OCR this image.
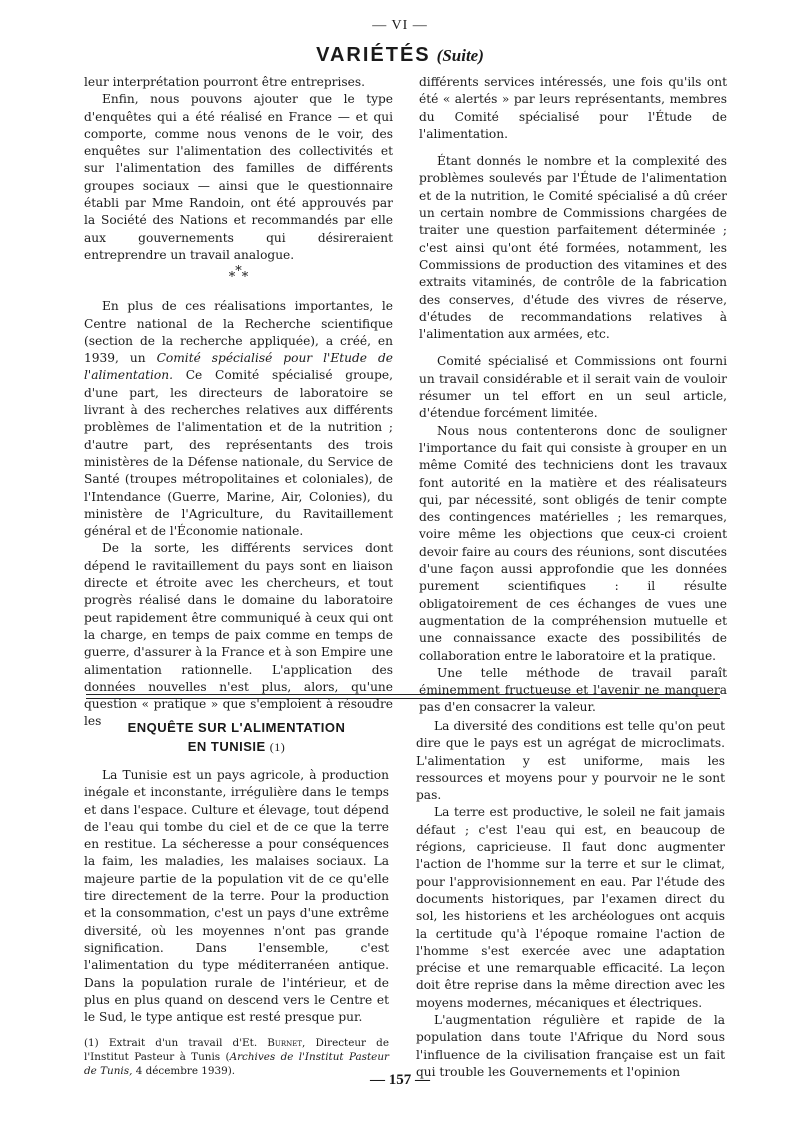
— VI —
VARIÉTÉS (Suite)

leur interprétation pourront être entreprises.

Enfin, nous pouvons ajouter que le type d'enquêtes qui a été réalisé en France — et qui comporte, comme nous venons de le voir, des enquêtes sur l'alimentation des collectivités et sur l'alimentation des familles de différents groupes sociaux — ainsi que le questionnaire établi par Mme Randoin, ont été approuvés par la Société des Nations et recommandés par elle aux gouvernements qui désireraient entreprendre un travail analogue.

***

En plus de ces réalisations importantes, le Centre national de la Recherche scientifique (section de la recherche appliquée), a créé, en 1939, un Comité spécialisé pour l'Etude de l'alimentation. Ce Comité spécialisé groupe, d'une part, les directeurs de laboratoire se livrant à des recherches relatives aux différents problèmes de l'alimentation et de la nutrition ; d'autre part, des représentants des trois ministères de la Défense nationale, du Service de Santé (troupes métropolitaines et coloniales), de l'Intendance (Guerre, Marine, Air, Colonies), du ministère de l'Agriculture, du Ravitaillement général et de l'Économie nationale.

De la sorte, les différents services dont dépend le ravitaillement du pays sont en liaison directe et étroite avec les chercheurs, et tout progrès réalisé dans le domaine du laboratoire peut rapidement être communiqué à ceux qui ont la charge, en temps de paix comme en temps de guerre, d'assurer à la France et à son Empire une alimentation rationnelle. L'application des données nouvelles n'est plus, alors, qu'une question « pratique » que s'emploient à résoudre les

différents services intéressés, une fois qu'ils ont été « alertés » par leurs représentants, membres du Comité spécialisé pour l'Étude de l'alimentation.

Étant donnés le nombre et la complexité des problèmes soulevés par l'Étude de l'alimentation et de la nutrition, le Comité spécialisé a dû créer un certain nombre de Commissions chargées de traiter une question parfaitement déterminée ; c'est ainsi qu'ont été formées, notamment, les Commissions de production des vitamines et des extraits vitaminés, de contrôle de la fabrication des conserves, d'étude des vivres de réserve, d'études de recommandations relatives à l'alimentation aux armées, etc.

Comité spécialisé et Commissions ont fourni un travail considérable et il serait vain de vouloir résumer un tel effort en un seul article, d'étendue forcément limitée.

Nous nous contenterons donc de souligner l'importance du fait qui consiste à grouper en un même Comité des techniciens dont les travaux font autorité en la matière et des réalisateurs qui, par nécessité, sont obligés de tenir compte des contingences matérielles ; les remarques, voire même les objections que ceux-ci croient devoir faire au cours des réunions, sont discutées d'une façon aussi approfondie que les données purement scientifiques : il résulte obligatoirement de ces échanges de vues une augmentation de la compréhension mutuelle et une connaissance exacte des possibilités de collaboration entre le laboratoire et la pratique.

Une telle méthode de travail paraît éminemment fructueuse et l'avenir ne manquera pas d'en consacrer la valeur.

ENQUÊTE SUR L'ALIMENTATION
EN TUNISIE (1)

La Tunisie est un pays agricole, à production inégale et inconstante, irrégulière dans le temps et dans l'espace. Culture et élevage, tout dépend de l'eau qui tombe du ciel et de ce que la terre en restitue. La sécheresse a pour conséquences la faim, les maladies, les malaises sociaux. La majeure partie de la population vit de ce qu'elle tire directement de la terre. Pour la production et la consommation, c'est un pays d'une extrême diversité, où les moyennes n'ont pas grande signification. Dans l'ensemble, c'est l'alimentation du type méditerranéen antique. Dans la population rurale de l'intérieur, et de plus en plus quand on descend vers le Centre et le Sud, le type antique est resté presque pur.

(1) Extrait d'un travail d'Et. Burnet, Directeur de l'Institut Pasteur à Tunis (Archives de l'Institut Pasteur de Tunis, 4 décembre 1939).

La diversité des conditions est telle qu'on peut dire que le pays est un agrégat de microclimats. L'alimentation y est uniforme, mais les ressources et moyens pour y pourvoir ne le sont pas.

La terre est productive, le soleil ne fait jamais défaut ; c'est l'eau qui est, en beaucoup de régions, capricieuse. Il faut donc augmenter l'action de l'homme sur la terre et sur le climat, pour l'approvisionnement en eau. Par l'étude des documents historiques, par l'examen direct du sol, les historiens et les archéologues ont acquis la certitude qu'à l'époque romaine l'action de l'homme s'est exercée avec une adaptation précise et une remarquable efficacité. La leçon doit être reprise dans la même direction avec les moyens modernes, mécaniques et électriques.

L'augmentation régulière et rapide de la population dans toute l'Afrique du Nord sous l'influence de la civilisation française est un fait qui trouble les Gouvernements et l'opinion

— 157 —
